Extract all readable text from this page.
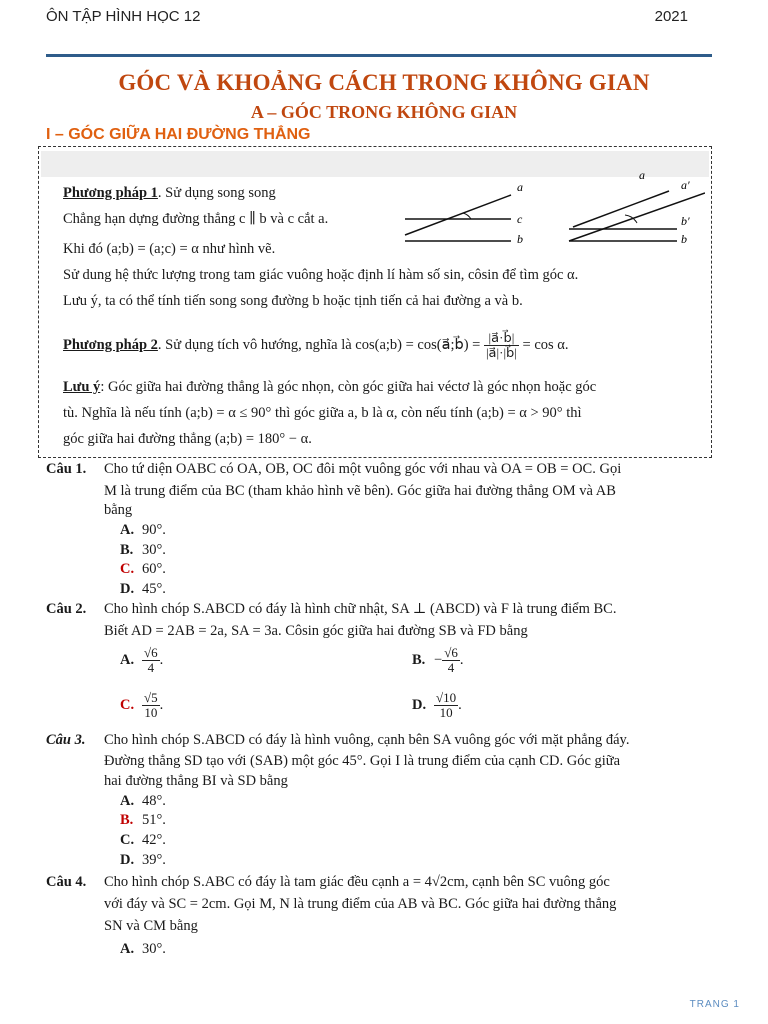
ÔN TẬP HÌNH HỌC 12	2021
GÓC VÀ KHOẢNG CÁCH TRONG KHÔNG GIAN
A – GÓC TRONG KHÔNG GIAN
I – GÓC GIỮA HAI ĐƯỜNG THẲNG
Phương pháp 1. Sử dụng song song
Chẳng hạn dựng đường thẳng c ∥ b và c cắt a.
Khi đó (a;b) = (a;c) = α như hình vẽ.
Sử dung hệ thức lượng trong tam giác vuông hoặc định lí hàm số sin, côsin để tìm góc α.
Lưu ý, ta có thể tính tiến song song đường b hoặc tịnh tiến cả hai đường a và b.
Phương pháp 2. Sử dụng tích vô hướng, nghĩa là cos(a;b) = cos(a⃗;b⃗) = $\frac{|a⃗\cdot b⃗|}{|a⃗|\cdot|b⃗|} = \cos \alpha$.
Lưu ý: Góc giữa hai đường thẳng là góc nhọn, còn góc giữa hai véctơ là góc nhọn hoặc góc
tù. Nghĩa là nếu tính (a;b) = α ≤ 90° thì góc giữa a, b là α, còn nếu tính (a;b) = α > 90° thì
góc giữa hai đường thẳng (a;b) = 180° − α.
a
c
b
a
a′
b′
b
Câu 1. Cho tứ diện OABC có OA, OB, OC đôi một vuông góc với nhau và OA = OB = OC. Gọi
M là trung điểm của BC (tham khảo hình vẽ bên). Góc giữa hai đường thẳng OM và AB
bằng
A. 90°.
B. 30°.
C. 60°.
D. 45°.
Câu 2. Cho hình chóp S.ABCD có đáy là hình chữ nhật, SA ⊥ (ABCD) và F là trung điểm BC.
Biết AD = 2AB = 2a, SA = 3a. Côsin góc giữa hai đường SB và FD bằng
A. $\frac{√6}{4}$ .	B. − $\frac{√6}{4}$ .
C. $\frac{√5}{10}$ .	D. $\frac{√10}{10}$ .
Câu 3. Cho hình chóp S.ABCD có đáy là hình vuông, cạnh bên SA vuông góc với mặt phẳng đáy.
Đường thẳng SD tạo với (SAB) một góc 45°. Gọi I là trung điểm của cạnh CD. Góc giữa
hai đường thẳng BI và SD bằng
A. 48°.
B. 51°.
C. 42°.
D. 39°.
Câu 4. Cho hình chóp S.ABC có đáy là tam giác đều cạnh a = 4√2cm, cạnh bên SC vuông góc
với đáy và SC = 2cm. Gọi M, N là trung điểm của AB và BC. Góc giữa hai đường thẳng
SN và CM bằng
A. 30°.
TRANG 1
